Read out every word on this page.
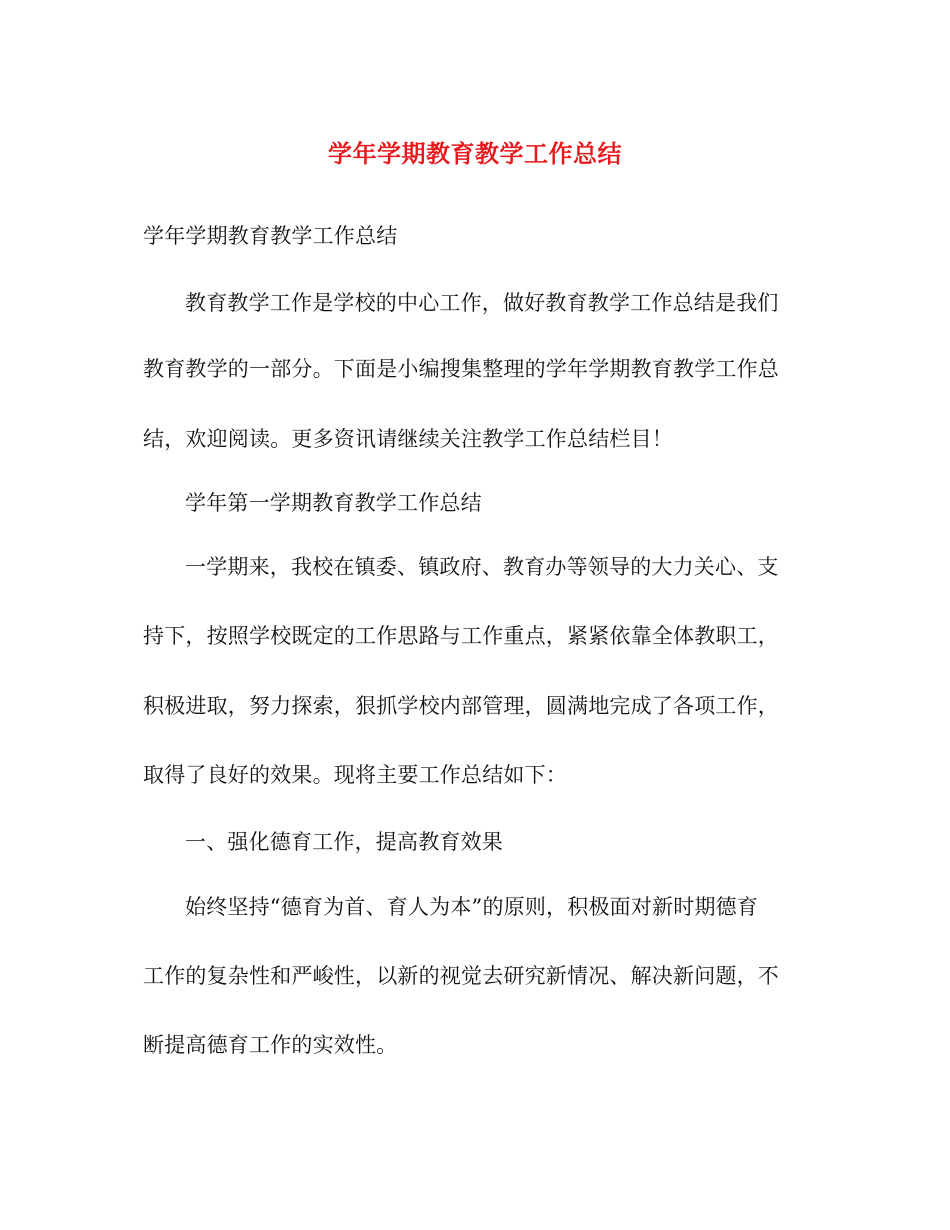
学年学期教育教学工作总结
学年学期教育教学工作总结
教育教学工作是学校的中心工作，做好教育教学工作总结是我们
教育教学的一部分。下面是小编搜集整理的学年学期教育教学工作总
结，欢迎阅读。更多资讯请继续关注教学工作总结栏目！
学年第一学期教育教学工作总结
一学期来，我校在镇委、镇政府、教育办等领导的大力关心、支
持下，按照学校既定的工作思路与工作重点，紧紧依靠全体教职工，
积极进取，努力探索，狠抓学校内部管理，圆满地完成了各项工作，
取得了良好的效果。现将主要工作总结如下：
一、强化德育工作，提高教育效果
始终坚持“德育为首、育人为本”的原则，积极面对新时期德育
工作的复杂性和严峻性，以新的视觉去研究新情况、解决新问题，不
断提高德育工作的实效性。
